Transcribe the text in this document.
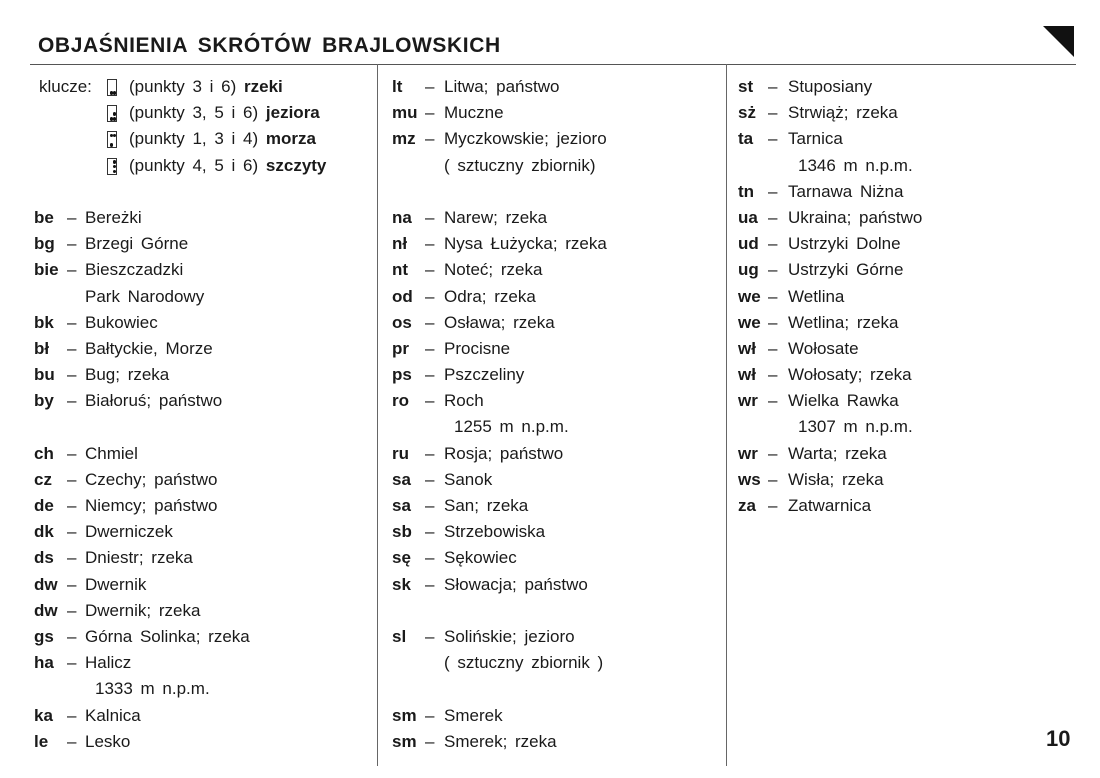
OBJAŚNIENIA SKRÓTÓW BRAJLOWSKICH
klucze: (punkty 3 i 6) rzeki
(punkty 3, 5 i 6) jeziora
(punkty 1, 3 i 4) morza
(punkty 4, 5 i 6) szczyty
be – Bereżki
bg – Brzegi Górne
bie – Bieszczadzki
Park Narodowy
bk – Bukowiec
bł – Bałtyckie, Morze
bu – Bug; rzeka
by – Białoruś; państwo
ch – Chmiel
cz – Czechy; państwo
de – Niemcy; państwo
dk – Dwerniczek
ds – Dniestr; rzeka
dw – Dwernik
dw – Dwernik; rzeka
gs – Górna Solinka; rzeka
ha – Halicz
1333 m n.p.m.
ka – Kalnica
le – Lesko
lt – Litwa; państwo
mu – Muczne
mz – Myczkowskie; jezioro
( sztuczny zbiornik)
na – Narew; rzeka
nł – Nysa Łużycka; rzeka
nt – Noteć; rzeka
od – Odra; rzeka
os – Osława; rzeka
pr – Procisne
ps – Pszczeliny
ro – Roch
1255 m n.p.m.
ru – Rosja; państwo
sa – Sanok
sa – San; rzeka
sb – Strzebowiska
sę – Sękowiec
sk – Słowacja; państwo
sl – Solińskie; jezioro
( sztuczny zbiornik )
sm – Smerek
sm – Smerek; rzeka
st – Stuposiany
sż – Strwiąż; rzeka
ta – Tarnica
1346 m n.p.m.
tn – Tarnawa Niżna
ua – Ukraina; państwo
ud – Ustrzyki Dolne
ug – Ustrzyki Górne
we – Wetlina
we – Wetlina; rzeka
wł – Wołosate
wł – Wołosaty; rzeka
wr – Wielka Rawka
1307 m n.p.m.
wr – Warta; rzeka
ws – Wisła; rzeka
za – Zatwarnica
10
